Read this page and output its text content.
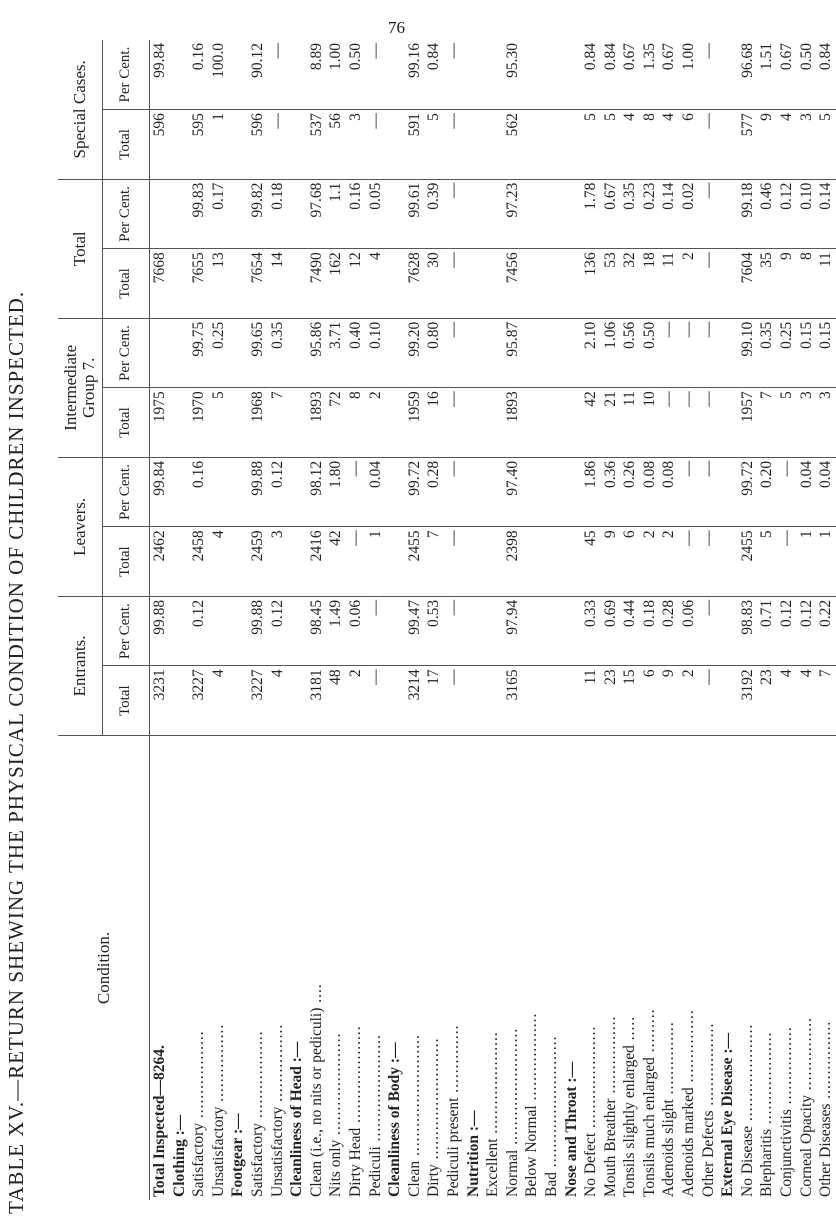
76
TABLE XV.—RETURN SHEWING THE PHYSICAL CONDITION OF CHILDREN INSPECTED.	Condition.	Entrants.		Leavers.		Intermediate Group 7.		Total		Special Cases.	
	Total	Per Cent.	Total	Per Cent.	Total	Per Cent.	Total	Per Cent.	Total	Per Cent.
Total Inspected—8264.	3231	99.88	2462	99.84	1975		7668		596	99.84
Clothing :—										
Satisfactory ..................	3227	0.12	2458	0.16	1970	99.75	7655	99.83	595	0.16
Unsatisfactory ................	4		4		5	0.25	13	0.17	1	100.0
Footgear :—										
Satisfactory ..................	3227	99.88	2459	99.88	1968	99.65	7654	99.82	596	90.12
Unsatisfactory ................	4	0.12	3	0.12	7	0.35	14	0.18	—	—
Cleanliness of Head :—										
Clean (i.e., no nits or pediculi) ....	3181	98.45	2416	98.12	1893	95.86	7490	97.68	537	8.89
Nits only .....................	48	1.49	42	1.80	72	3.71	162	1.1	56	1.00
Dirty Head ....................	2	0.06	—	—	8	0.40	12	0.16	3	0.50
Pediculi ......................	—	—	1	0.04	2	0.10	4	0.05	—	—
Cleanliness of Body :—										
Clean .........................	3214	99.47	2455	99.72	1959	99.20	7628	99.61	591	99.16
Dirty .........................	17	0.53	7	0.28	16	0.80	30	0.39	5	0.84
Pediculi present ..............	—	—	—	—	—	—	—	—	—	—
Nutrition :—										
Excellent .....................										
Normal ........................	3165	97.94	2398	97.40	1893	95.87	7456	97.23	562	95.30
Below Normal ..................										
Bad ...........................										
Nose and Throat :—										
No Defect .....................	11	0.33	45	1.86	42	2.10	136	1.78	5	0.84
Mouth Breather ................	23	0.69	9	0.36	21	1.06	53	0.67	5	0.84
Tonsils slightly enlarged .....	15	0.44	6	0.26	11	0.56	32	0.35	4	0.67
Tonsils much enlarged .........	6	0.18	2	0.08	10	0.50	18	0.23	8	1.35
Adenoids slight ...............	9	0.28	2	0.08	—	—	11	0.14	4	0.67
Adenoids marked ...............	2	0.06	—	—	—	—	2	0.02	6	1.00
Other Defects .................	—	—	—	—	—	—	—	—	—	—
External Eye Disease :—										
No Disease ....................	3192	98.83	2455	99.72	1957	99.10	7604	99.18	577	96.68
Blepharitis ...................	23	0.71	5	0.20	7	0.35	35	0.46	9	1.51
Conjunctivitis ................	4	0.12	—	—	5	0.25	9	0.12	4	0.67
Corneal Opacity ...............	4	0.12	1	0.04	3	0.15	8	0.10	3	0.50
Other Diseases ................	7	0.22	1	0.04	3	0.15	11	0.14	5	0.84
